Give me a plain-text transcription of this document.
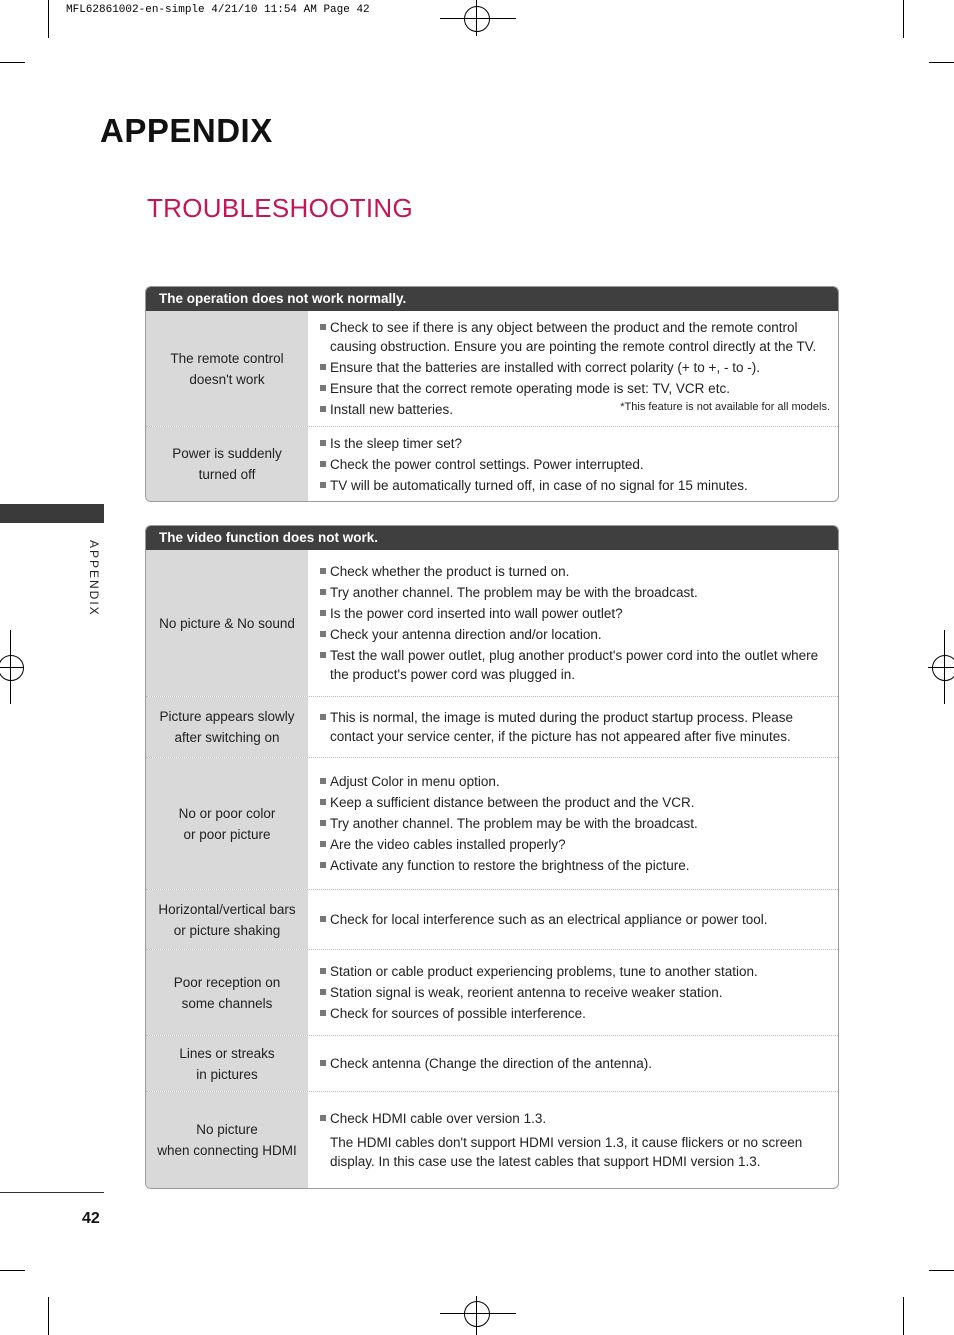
MFL62861002-en-simple 4/21/10 11:54 AM Page 42
APPENDIX
TROUBLESHOOTING
APPENDIX
42
The operation does not work normally.
The remote control
doesn't work
Check to see if there is any object between the product and the remote control causing obstruction. Ensure you are pointing the remote control directly at the TV.
Ensure that the batteries are installed with correct polarity (+ to +, - to -).
Ensure that the correct remote operating mode is set: TV, VCR etc.
Install new batteries.	*This feature is not available for all models.
Power is suddenly
turned off
Is the sleep timer set?
Check the power control settings. Power interrupted.
TV will be automatically turned off, in case of no signal for 15 minutes.
The video function does not work.
No picture & No sound
Check whether the product is turned on.
Try another channel. The problem may be with the broadcast.
Is the power cord inserted into wall power outlet?
Check your antenna direction and/or location.
Test the wall power outlet, plug another product's power cord into the outlet where the product's power cord was plugged in.
Picture appears slowly
after switching on
This is normal, the image is muted during the product startup process. Please contact your service center, if the picture has not appeared after five minutes.
No or poor color
or poor picture
Adjust Color in menu option.
Keep a sufficient distance between the product and the VCR.
Try another channel. The problem may be with the broadcast.
Are the video cables installed properly?
Activate any function to restore the brightness of the picture.
Horizontal/vertical bars
or picture shaking
Check for local interference such as an electrical appliance or power tool.
Poor reception on
some channels
Station or cable product experiencing problems, tune to another station.
Station signal is weak, reorient antenna to receive weaker station.
Check for sources of possible interference.
Lines or streaks
in pictures
Check antenna (Change the direction of the antenna).
No picture
when connecting HDMI
Check HDMI cable over version 1.3.
The HDMI cables don't support HDMI version 1.3, it cause flickers or no screen display. In this case use the latest cables that support HDMI version 1.3.
